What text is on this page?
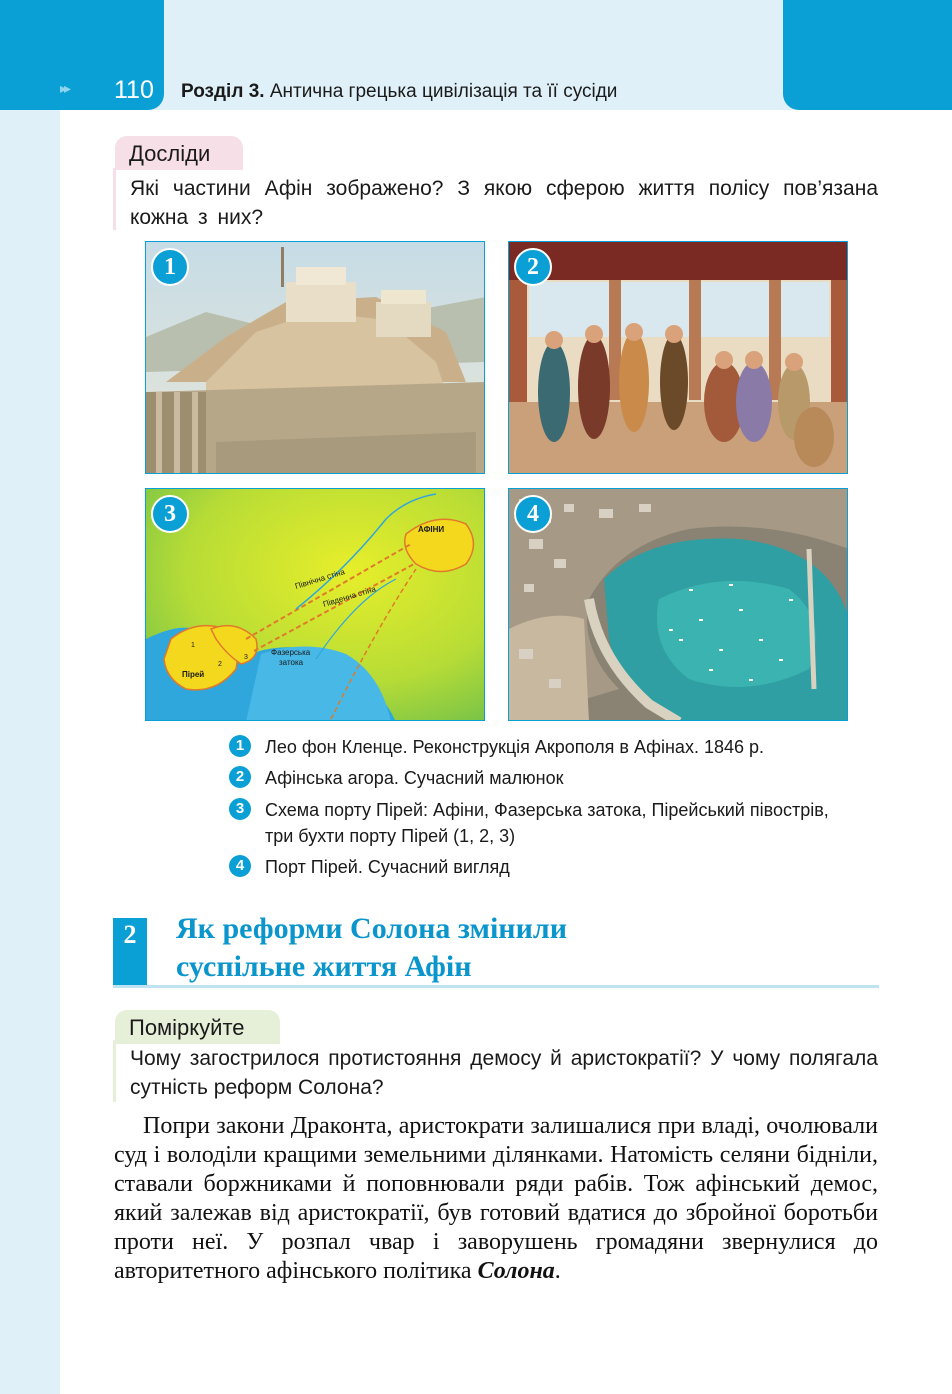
▸▸ 110 Розділ 3. Антична грецька цивілізація та її сусіди
Досліди
Які частини Афін зображено? З якою сферою життя полісу пов’язана кожна з них?
1	2
АФІНИ
Північна стіна
Південна стіна
Пірей
Фазерська
затока
1
2
3
3	4
1	Лео фон Кленце. Реконструкція Акрополя в Афінах. 1846 р.
2	Афінська агора. Сучасний малюнок
3	Схема порту Пірей: Афіни, Фазерська затока, Пірейський півострів,
три бухти порту Пірей (1, 2, 3)
4	Порт Пірей. Сучасний вигляд
2	Як реформи Солона змінили
суспільне життя Афін
Поміркуйте
Чому загострилося протистояння демосу й аристократії? У чому полягала сутність реформ Солона?

Попри закони Драконта, аристократи залишалися при владі, очолювали суд і володіли кращими земельними ділянками. Натомість селяни бідніли, ставали боржниками й поповнювали ряди рабів. Тож афінський демос, який залежав від аристократії, був готовий вдатися до збройної боротьби проти неї. У розпал чвар і заворушень громадяни звернулися до авторитетного афінського політика Солона.
